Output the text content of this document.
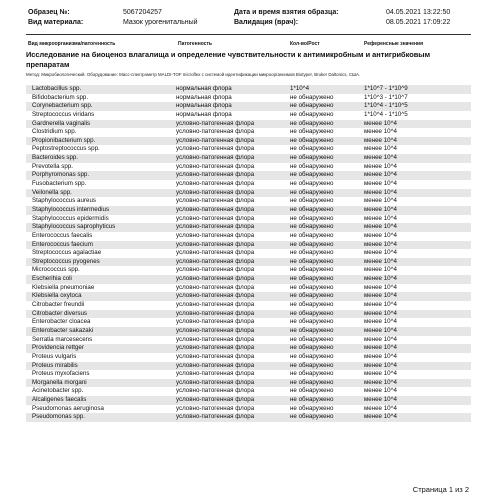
Образец №:	5067204257
Вид материала:	Мазок урогенитальный
Дата и время взятия образца:	04.05.2021 13:22:50
Валидация (врач):	08.05.2021 17:09:22
Вид микроорганизма/патогенность	Патогенность	Кол-во/Рост	Референсные значения
Исследование на биоценоз влагалища и определение чувствительности к антимикробным и антигрибковым препаратам
Метод: Микробиологический. Оборудование: Масс-спектрометр MALDI-TOF microflex с системой идентификации микроорганизмов Biotyper, Bruker Daltonics, США.
Lactobacillus spp.	нормальная флора	1*10^4	1*10^7 - 1*10^9
Bifidobacterium spp.	нормальная флора	не обнаружено	1*10^3 - 1*10^7
Corynebacterium spp.	нормальная флора	не обнаружено	1*10^4 - 1*10^5
Streptococcus viridans	нормальная флора	не обнаружено	1*10^4 - 1*10^5
Gardnerella vaginalis	условно-патогенная флора	не обнаружено	менее 10^4
Clostridium spp.	условно-патогенная флора	не обнаружено	менее 10^4
Propionibacterium spp.	условно-патогенная флора	не обнаружено	менее 10^4
Peptostreptococcus spp.	условно-патогенная флора	не обнаружено	менее 10^4
Bacteroides spp.	условно-патогенная флора	не обнаружено	менее 10^4
Prevotella spp.	условно-патогенная флора	не обнаружено	менее 10^4
Porphyromonas spp.	условно-патогенная флора	не обнаружено	менее 10^4
Fusobacterium spp.	условно-патогенная флора	не обнаружено	менее 10^4
Veilonella spp.	условно-патогенная флора	не обнаружено	менее 10^4
Staphylococcus aureus	условно-патогенная флора	не обнаружено	менее 10^4
Staphylococcus intermedius	условно-патогенная флора	не обнаружено	менее 10^4
Staphylococcus epidermidis	условно-патогенная флора	не обнаружено	менее 10^4
Staphylococcus saprophyticus	условно-патогенная флора	не обнаружено	менее 10^4
Enterococcus faecalis	условно-патогенная флора	не обнаружено	менее 10^4
Enterococcus faecium	условно-патогенная флора	не обнаружено	менее 10^4
Streptococcus agalactiae	условно-патогенная флора	не обнаружено	менее 10^4
Streptococcus pyogenes	условно-патогенная флора	не обнаружено	менее 10^4
Micrococcus spp.	условно-патогенная флора	не обнаружено	менее 10^4
Escherihia coli	условно-патогенная флора	не обнаружено	менее 10^4
Klebsiella pneumoniae	условно-патогенная флора	не обнаружено	менее 10^4
Klebsiella oxytoca	условно-патогенная флора	не обнаружено	менее 10^4
Citrobacter freundii	условно-патогенная флора	не обнаружено	менее 10^4
Citrobacter diversus	условно-патогенная флора	не обнаружено	менее 10^4
Enterobacter cloacea	условно-патогенная флора	не обнаружено	менее 10^4
Enterobacter sakazaki	условно-патогенная флора	не обнаружено	менее 10^4
Serratia marcesecens	условно-патогенная флора	не обнаружено	менее 10^4
Providencia rettger	условно-патогенная флора	не обнаружено	менее 10^4
Proteus vulgaris	условно-патогенная флора	не обнаружено	менее 10^4
Proteus mirabilis	условно-патогенная флора	не обнаружено	менее 10^4
Proteus myxofaciens	условно-патогенная флора	не обнаружено	менее 10^4
Morganella morgani	условно-патогенная флора	не обнаружено	менее 10^4
Acinetobacter spp.	условно-патогенная флора	не обнаружено	менее 10^4
Alcaligenes faecalis	условно-патогенная флора	не обнаружено	менее 10^4
Pseudomonas aeruginosa	условно-патогенная флора	не обнаружено	менее 10^4
Pseudomonas spp.	условно-патогенная флора	не обнаружено	менее 10^4
Страница 1 из 2
